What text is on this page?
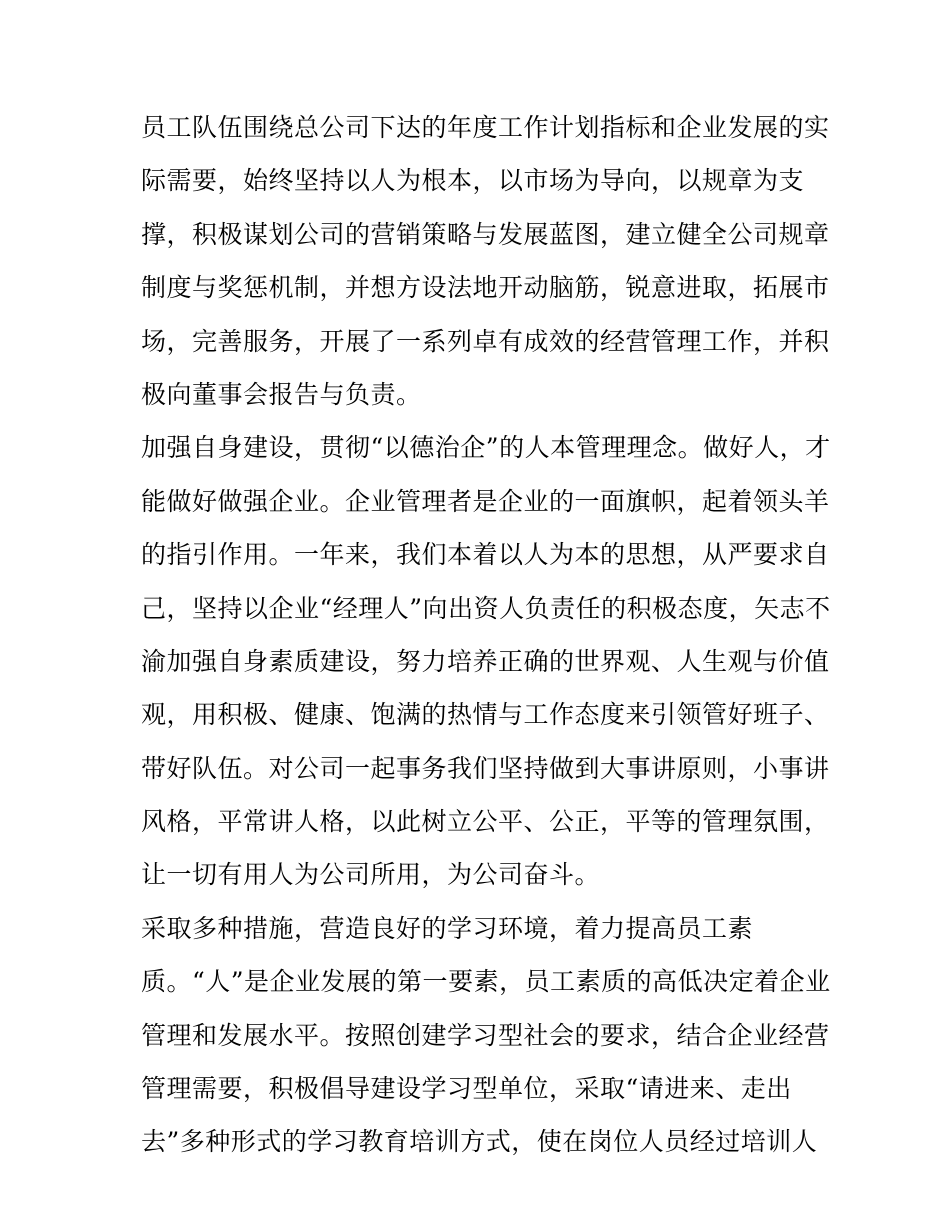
员工队伍围绕总公司下达的年度工作计划指标和企业发展的实
际需要，始终坚持以人为根本，以市场为导向，以规章为支
撑，积极谋划公司的营销策略与发展蓝图，建立健全公司规章
制度与奖惩机制，并想方设法地开动脑筋，锐意进取，拓展市
场，完善服务，开展了一系列卓有成效的经营管理工作，并积
极向董事会报告与负责。
加强自身建设，贯彻“以德治企”的人本管理理念。做好人，才
能做好做强企业。企业管理者是企业的一面旗帜，起着领头羊
的指引作用。一年来，我们本着以人为本的思想，从严要求自
己，坚持以企业“经理人”向出资人负责任的积极态度，矢志不
渝加强自身素质建设，努力培养正确的世界观、人生观与价值
观，用积极、健康、饱满的热情与工作态度来引领管好班子、
带好队伍。对公司一起事务我们坚持做到大事讲原则，小事讲
风格，平常讲人格，以此树立公平、公正，平等的管理氛围，
让一切有用人为公司所用，为公司奋斗。
采取多种措施，营造良好的学习环境，着力提高员工素
质。“人”是企业发展的第一要素，员工素质的高低决定着企业
管理和发展水平。按照创建学习型社会的要求，结合企业经营
管理需要，积极倡导建设学习型单位，采取“请进来、走出
去”多种形式的学习教育培训方式，使在岗位人员经过培训人
